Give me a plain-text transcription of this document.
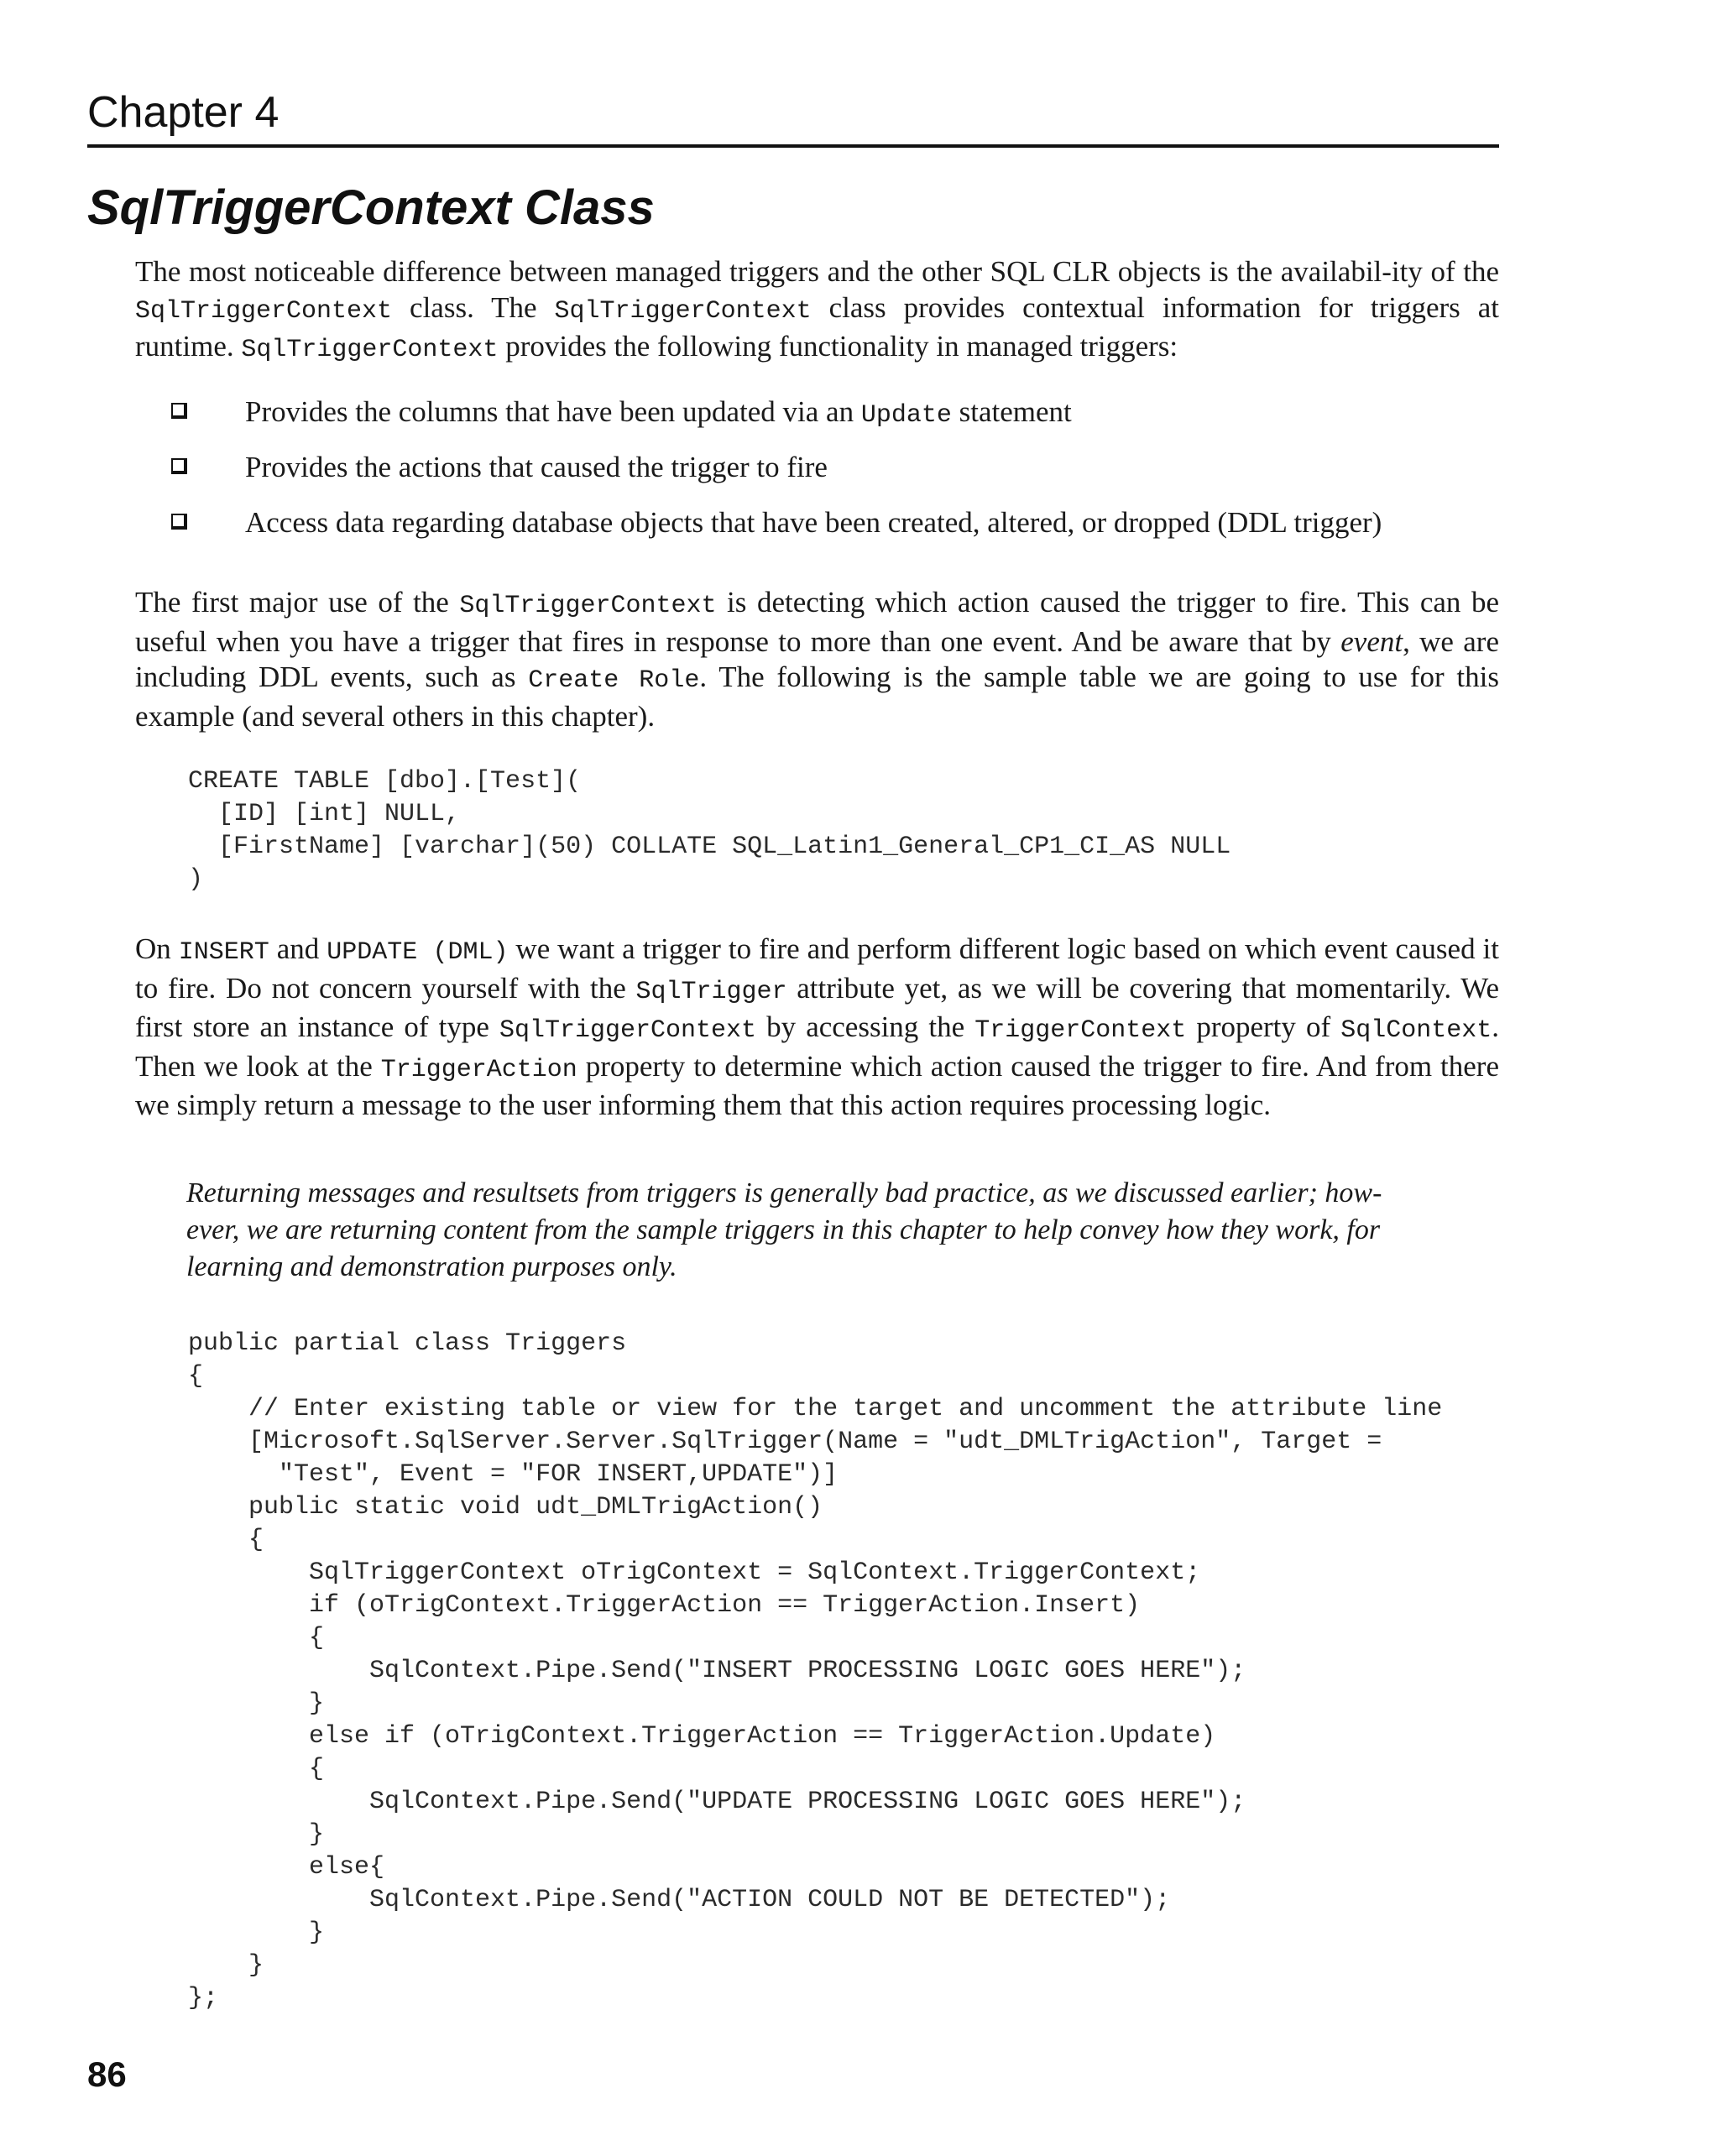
Chapter 4
SqlTriggerContext Class

The most noticeable difference between managed triggers and the other SQL CLR objects is the availabil-ity of the SqlTriggerContext class. The SqlTriggerContext class provides contextual information for triggers at runtime. SqlTriggerContext provides the following functionality in managed triggers:

Provides the columns that have been updated via an Update statement
Provides the actions that caused the trigger to fire
Access data regarding database objects that have been created, altered, or dropped (DDL trigger)

The first major use of the SqlTriggerContext is detecting which action caused the trigger to fire. This can be useful when you have a trigger that fires in response to more than one event. And be aware that by event, we are including DDL events, such as Create Role. The following is the sample table we are going to use for this example (and several others in this chapter).

CREATE TABLE [dbo].[Test](
[ID] [int] NULL,
[FirstName] [varchar](50) COLLATE SQL_Latin1_General_CP1_CI_AS NULL
)

On INSERT and UPDATE (DML) we want a trigger to fire and perform different logic based on which event caused it to fire. Do not concern yourself with the SqlTrigger attribute yet, as we will be covering that momentarily. We first store an instance of type SqlTriggerContext by accessing the TriggerContext property of SqlContext. Then we look at the TriggerAction property to determine which action caused the trigger to fire. And from there we simply return a message to the user informing them that this action requires processing logic.

Returning messages and resultsets from triggers is generally bad practice, as we discussed earlier; how-ever, we are returning content from the sample triggers in this chapter to help convey how they work, for learning and demonstration purposes only.

public partial class Triggers
{
// Enter existing table or view for the target and uncomment the attribute line
[Microsoft.SqlServer.Server.SqlTrigger(Name = "udt_DMLTrigAction", Target =
"Test", Event = "FOR INSERT,UPDATE")]
public static void udt_DMLTrigAction()
{
SqlTriggerContext oTrigContext = SqlContext.TriggerContext;
if (oTrigContext.TriggerAction == TriggerAction.Insert)
{
SqlContext.Pipe.Send("INSERT PROCESSING LOGIC GOES HERE");
}
else if (oTrigContext.TriggerAction == TriggerAction.Update)
{
SqlContext.Pipe.Send("UPDATE PROCESSING LOGIC GOES HERE");
}
else{
SqlContext.Pipe.Send("ACTION COULD NOT BE DETECTED");
}
}
};
86
